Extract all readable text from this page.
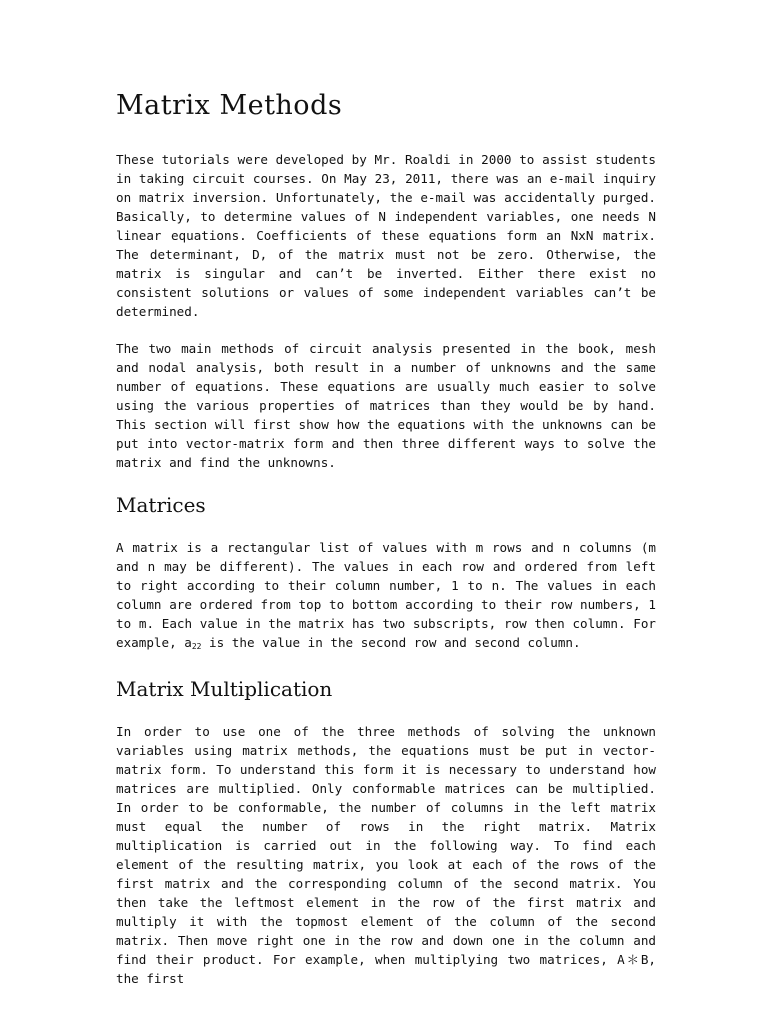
Matrix Methods

These tutorials were developed by Mr. Roaldi in 2000 to assist students in taking circuit courses. On May 23, 2011, there was an e-mail inquiry on matrix inversion. Unfortunately, the e-mail was accidentally purged. Basically, to determine values of N independent variables, one needs N linear equations. Coefficients of these equations form an NxN matrix. The determinant, D, of the matrix must not be zero. Otherwise, the matrix is singular and can’t be inverted. Either there exist no consistent solutions or values of some independent variables can’t be determined.

The two main methods of circuit analysis presented in the book, mesh and nodal analysis, both result in a number of unknowns and the same number of equations. These equations are usually much easier to solve using the various properties of matrices than they would be by hand. This section will first show how the equations with the unknowns can be put into vector-matrix form and then three different ways to solve the matrix and find the unknowns.

Matrices

A matrix is a rectangular list of values with m rows and n columns (m and n may be different). The values in each row and ordered from left to right according to their column number, 1 to n. The values in each column are ordered from top to bottom according to their row numbers, 1 to m. Each value in the matrix has two subscripts, row then column. For example, $a_{22}$ is the value in the second row and second column.

Matrix Multiplication

In order to use one of the three methods of solving the unknown variables using matrix methods, the equations must be put in vector-matrix form. To understand this form it is necessary to understand how matrices are multiplied. Only conformable matrices can be multiplied. In order to be conformable, the number of columns in the left matrix must equal the number of rows in the right matrix. Matrix multiplication is carried out in the following way. To find each element of the resulting matrix, you look at each of the rows of the first matrix and the corresponding column of the second matrix. You then take the leftmost element in the row of the first matrix and multiply it with the topmost element of the column of the second matrix. Then move right one in the row and down one in the column and find their product. For example, when multiplying two matrices, A＊B, the first
